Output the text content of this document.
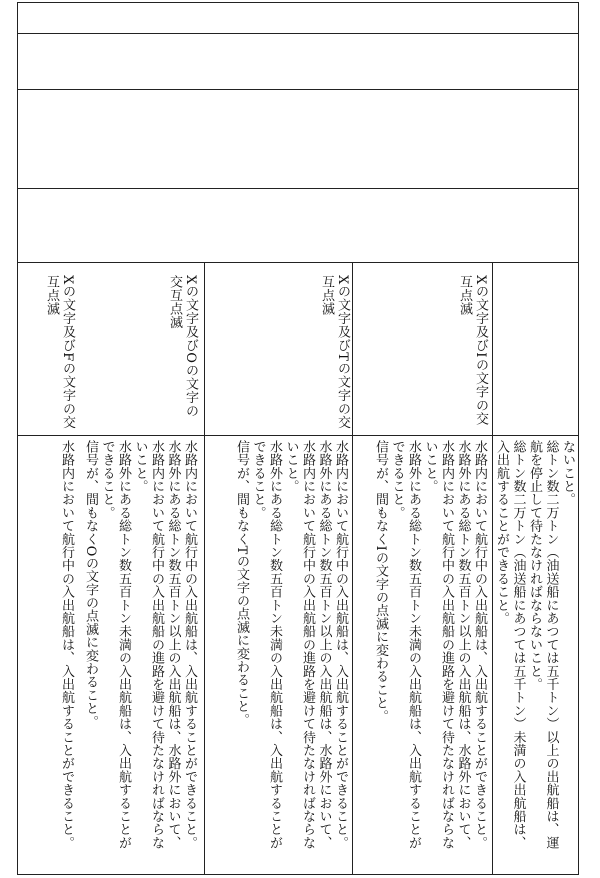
ないこと。
総トン数二万トン（油送船にあつては五千トン）以上の出航船は、運航を停止して待たなければならないこと。
総トン数二万トン（油送船にあつては五千トン）未満の入出航船は、入出航することができること。
Xの文字及びIの文字の交互点滅
水路内において航行中の入出航船は、入出航することができること。
水路外にある総トン数五百トン以上の入出航船は、水路外において、水路内において航行中の入出航船の進路を避けて待たなければならないこと。
水路外にある総トン数五百トン未満の入出航船は、入出航することができること。
信号が、間もなくIの文字の点滅に変わること。
Xの文字及びTの文字の交互点滅
水路内において航行中の入出航船は、入出航することができること。
水路外にある総トン数五百トン以上の入出航船は、水路外において、水路内において航行中の入出航船の進路を避けて待たなければならないこと。
水路外にある総トン数五百トン未満の入出航船は、入出航することができること。
信号が、間もなくTの文字の点滅に変わること。
Xの文字及びOの文字の交互点滅
水路内において航行中の入出航船は、入出航することができること。
水路外にある総トン数五百トン以上の入出航船は、水路外において、水路内において航行中の入出航船の進路を避けて待たなければならないこと。
水路外にある総トン数五百トン未満の入出航船は、入出航することができること。
信号が、間もなくOの文字の点滅に変わること。
Xの文字及びFの文字の交互点滅
水路内において航行中の入出航船は、入出航することができること。
